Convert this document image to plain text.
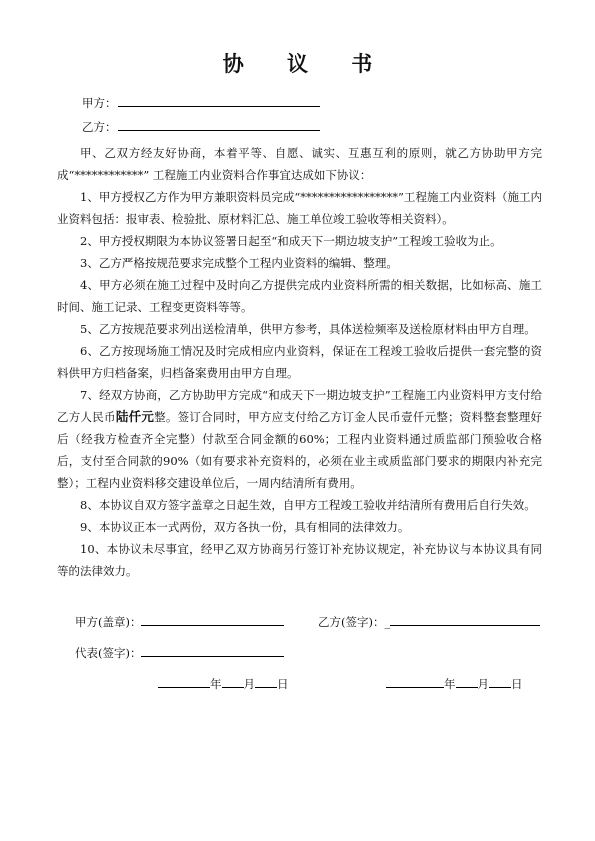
协 议 书
甲方：
乙方：

甲、乙双方经友好协商，本着平等、自愿、诚实、互惠互利的原则，就乙方协助甲方完成“************” 工程施工内业资料合作事宜达成如下协议：

1、甲方授权乙方作为甲方兼职资料员完成“*****************”工程施工内业资料（施工内业资料包括：报审表、检验批、原材料汇总、施工单位竣工验收等相关资料）。

2、甲方授权期限为本协议签署日起至“和成天下一期边坡支护”工程竣工验收为止。

3、乙方严格按规范要求完成整个工程内业资料的编辑、整理。

4、甲方必须在施工过程中及时向乙方提供完成内业资料所需的相关数据，比如标高、施工时间、施工记录、工程变更资料等等。

5、乙方按规范要求列出送检清单，供甲方参考，具体送检频率及送检原材料由甲方自理。

6、乙方按现场施工情况及时完成相应内业资料，保证在工程竣工验收后提供一套完整的资料供甲方归档备案，归档备案费用由甲方自理。

7、经双方协商，乙方协助甲方完成“和成天下一期边坡支护”工程施工内业资料甲方支付给乙方人民币陆仟元整。签订合同时，甲方应支付给乙方订金人民币壹仟元整；资料整套整理好后（经我方检查齐全完整）付款至合同金额的60%；工程内业资料通过质监部门预验收合格后，支付至合同款的90%（如有要求补充资料的，必须在业主或质监部门要求的期限内补充完整）；工程内业资料移交建设单位后，一周内结清所有费用。

8、本协议自双方签字盖章之日起生效，自甲方工程竣工验收并结清所有费用后自行失效。

9、本协议正本一式两份，双方各执一份，具有相同的法律效力。

10、本协议未尽事宜，经甲乙双方协商另行签订补充协议规定，补充协议与本协议具有同等的法律效力。

甲方(盖章)：	乙方(签字)：_
代表(签字)：
年 月 日	年 月 日
